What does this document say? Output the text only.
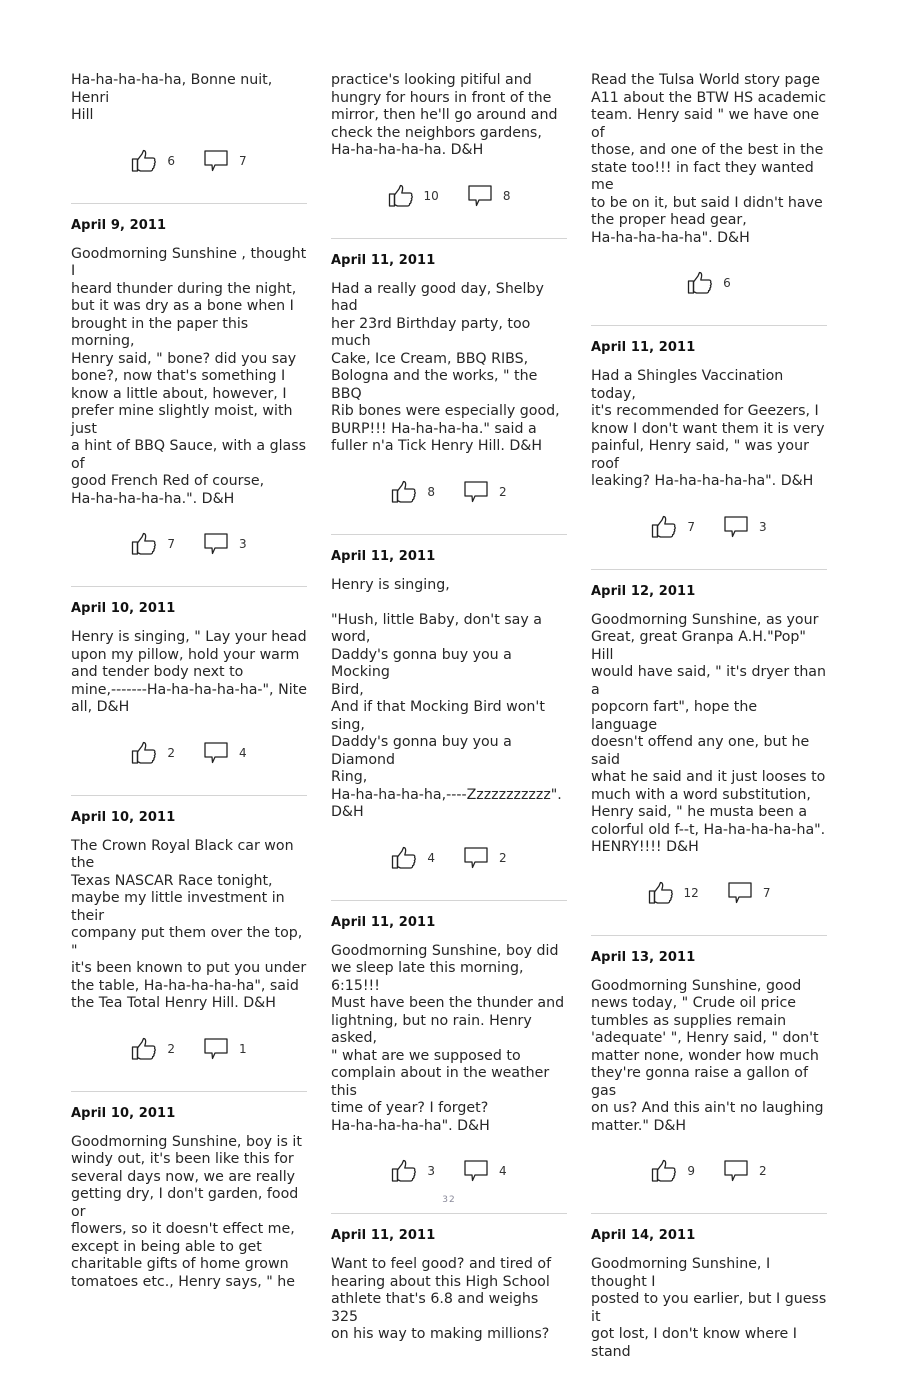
Ha-ha-ha-ha-ha, Bonne nuit, Henri
Hill
6	7
April 9, 2011
Goodmorning Sunshine , thought I
heard thunder during the night,
but it was dry as a bone when I
brought in the paper this morning,
Henry said, " bone? did you say
bone?, now that's something I
know a little about, however, I
prefer mine slightly moist, with just
a hint of BBQ Sauce, with a glass of
good French Red of course,
Ha-ha-ha-ha-ha.". D&H
7	3
April 10, 2011
Henry is singing, " Lay your head
upon my pillow, hold your warm
and tender body next to
mine,-------Ha-ha-ha-ha-ha-", Nite
all, D&H
2	4
April 10, 2011
The Crown Royal Black car won the
Texas NASCAR Race tonight,
maybe my little investment in their
company put them over the top, "
it's been known to put you under
the table, Ha-ha-ha-ha-ha", said
the Tea Total Henry Hill. D&H
2	1
April 10, 2011
Goodmorning Sunshine, boy is it
windy out, it's been like this for
several days now, we are really
getting dry, I don't garden, food or
flowers, so it doesn't effect me,
except in being able to get
charitable gifts of home grown
tomatoes etc., Henry says, " he
practice's looking pitiful and
hungry for hours in front of the
mirror, then he'll go around and
check the neighbors gardens,
Ha-ha-ha-ha-ha. D&H
10	8
April 11, 2011
Had a really good day, Shelby had
her 23rd Birthday party, too much
Cake, Ice Cream, BBQ RIBS,
Bologna and the works, " the BBQ
Rib bones were especially good,
BURP!!! Ha-ha-ha-ha." said a
fuller n'a Tick Henry Hill. D&H
8	2
April 11, 2011
Henry is singing,

"Hush, little Baby, don't say a word,
Daddy's gonna buy you a Mocking
Bird,
And if that Mocking Bird won't sing,
Daddy's gonna buy you a Diamond
Ring,
Ha-ha-ha-ha-ha,----Zzzzzzzzzzz".
D&H
4	2
April 11, 2011
Goodmorning Sunshine, boy did
we sleep late this morning, 6:15!!!
Must have been the thunder and
lightning, but no rain. Henry asked,
" what are we supposed to
complain about in the weather this
time of year? I forget?
Ha-ha-ha-ha-ha". D&H
3	4
April 11, 2011
Want to feel good? and tired of
hearing about this High School
athlete that's 6.8 and weighs 325
on his way to making millions?
Read the Tulsa World story page
A11 about the BTW HS academic
team. Henry said " we have one of
those, and one of the best in the
state too!!! in fact they wanted me
to be on it, but said I didn't have
the proper head gear,
Ha-ha-ha-ha-ha". D&H
6
April 11, 2011
Had a Shingles Vaccination today,
it's recommended for Geezers, I
know I don't want them it is very
painful, Henry said, " was your roof
leaking? Ha-ha-ha-ha-ha". D&H
7	3
April 12, 2011
Goodmorning Sunshine, as your
Great, great Granpa A.H."Pop" Hill
would have said, " it's dryer than a
popcorn fart", hope the language
doesn't offend any one, but he said
what he said and it just looses to
much with a word substitution,
Henry said, " he musta been a
colorful old f--t, Ha-ha-ha-ha-ha".
HENRY!!!! D&H
12	7
April 13, 2011
Goodmorning Sunshine, good
news today, " Crude oil price
tumbles as supplies remain
'adequate' ", Henry said, " don't
matter none, wonder how much
they're gonna raise a gallon of gas
on us? And this ain't no laughing
matter." D&H
9	2
April 14, 2011
Goodmorning Sunshine, I thought I
posted to you earlier, but I guess it
got lost, I don't know where I stand
32
